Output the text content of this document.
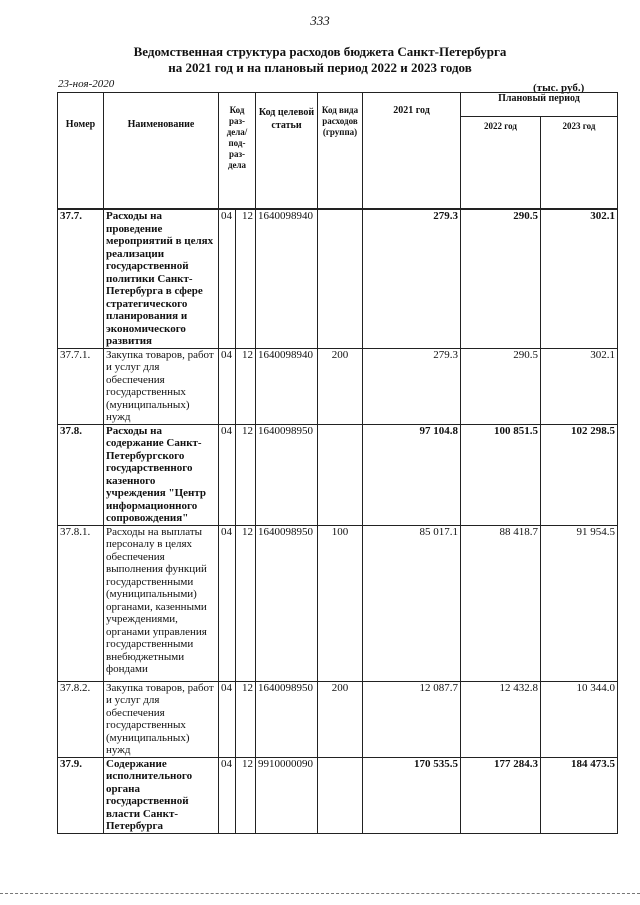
333
Ведомственная структура расходов бюджета Санкт-Петербурга
на 2021 год и на плановый период 2022 и 2023 годов
23-ноя-2020	(тыс. руб.)
Номер	Наименование	Код раз-дела/ под-раз-дела		Код целевой статьи	Код вида расходов (группа)	2021 год	Плановый период	
							2022 год	2023 год

37.7.	Расходы на проведение мероприятий в целях реализации государственной политики Санкт-Петербурга в сфере стратегического планирования и экономического развития	04	12	1640098940		279.3	290.5	302.1
37.7.1.	Закупка товаров, работ и услуг для обеспечения государственных (муниципальных) нужд	04	12	1640098940	200	279.3	290.5	302.1
37.8.	Расходы на содержание Санкт-Петербургского государственного казенного учреждения "Центр информационного сопровождения"	04	12	1640098950		97 104.8	100 851.5	102 298.5
37.8.1.	Расходы на выплаты персоналу в целях обеспечения выполнения функций государственными (муниципальными) органами, казенными учреждениями, органами управления государственными внебюджетными фондами	04	12	1640098950	100	85 017.1	88 418.7	91 954.5
37.8.2.	Закупка товаров, работ и услуг для обеспечения государственных (муниципальных) нужд	04	12	1640098950	200	12 087.7	12 432.8	10 344.0
37.9.	Содержание исполнительного органа государственной власти Санкт-Петербурга	04	12	9910000090		170 535.5	177 284.3	184 473.5
